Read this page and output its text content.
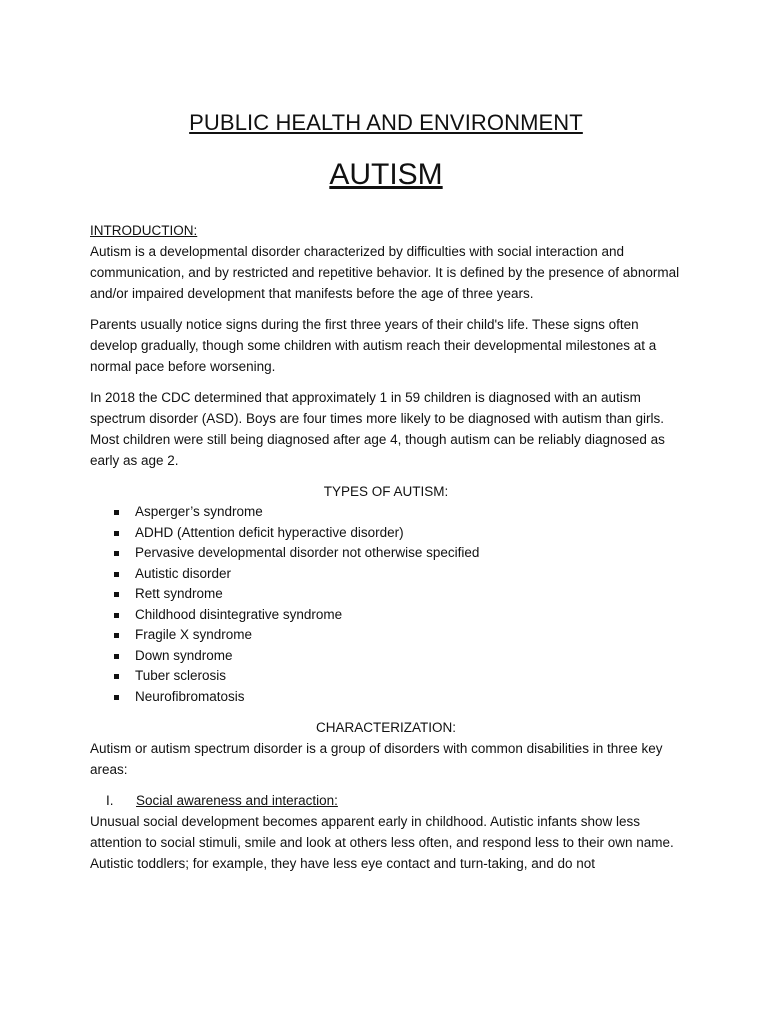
PUBLIC HEALTH AND ENVIRONMENT
AUTISM
INTRODUCTION:

Autism is a developmental disorder characterized by difficulties with social interaction and communication, and by restricted and repetitive behavior. It is defined by the presence of abnormal and/or impaired development that manifests before the age of three years.

Parents usually notice signs during the first three years of their child's life. These signs often develop gradually, though some children with autism reach their developmental milestones at a normal pace before worsening.

In 2018 the CDC determined that approximately 1 in 59 children is diagnosed with an autism spectrum disorder (ASD). Boys are four times more likely to be diagnosed with autism than girls. Most children were still being diagnosed after age 4, though autism can be reliably diagnosed as early as age 2.

TYPES OF AUTISM:
Asperger’s syndrome
ADHD (Attention deficit hyperactive disorder)
Pervasive developmental disorder not otherwise specified
Autistic disorder
Rett syndrome
Childhood disintegrative syndrome
Fragile X syndrome
Down syndrome
Tuber sclerosis
Neurofibromatosis
CHARACTERIZATION:

Autism or autism spectrum disorder is a group of disorders with common disabilities in three key areas:

I.	Social awareness and interaction:

Unusual social development becomes apparent early in childhood. Autistic infants show less attention to social stimuli, smile and look at others less often, and respond less to their own name. Autistic toddlers; for example, they have less eye contact and turn-taking, and do not
